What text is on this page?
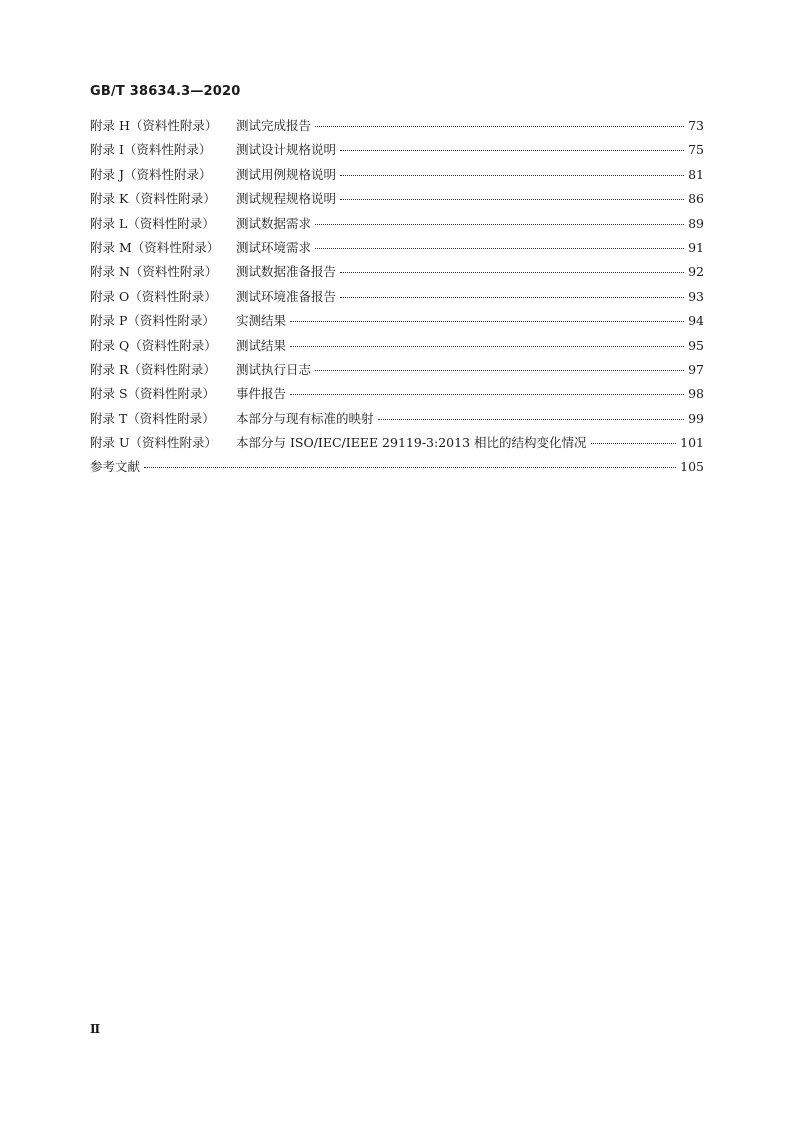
GB/T 38634.3—2020
附录 H（资料性附录）	测试完成报告	73
附录 I（资料性附录）	测试设计规格说明	75
附录 J（资料性附录）	测试用例规格说明	81
附录 K（资料性附录）	测试规程规格说明	86
附录 L（资料性附录）	测试数据需求	89
附录 M（资料性附录）	测试环境需求	91
附录 N（资料性附录）	测试数据准备报告	92
附录 O（资料性附录）	测试环境准备报告	93
附录 P（资料性附录）	实测结果	94
附录 Q（资料性附录）	测试结果	95
附录 R（资料性附录）	测试执行日志	97
附录 S（资料性附录）	事件报告	98
附录 T（资料性附录）	本部分与现有标准的映射	99
附录 U（资料性附录）	本部分与 ISO/IEC/IEEE 29119-3:2013 相比的结构变化情况	101
参考文献	105
Ⅱ
